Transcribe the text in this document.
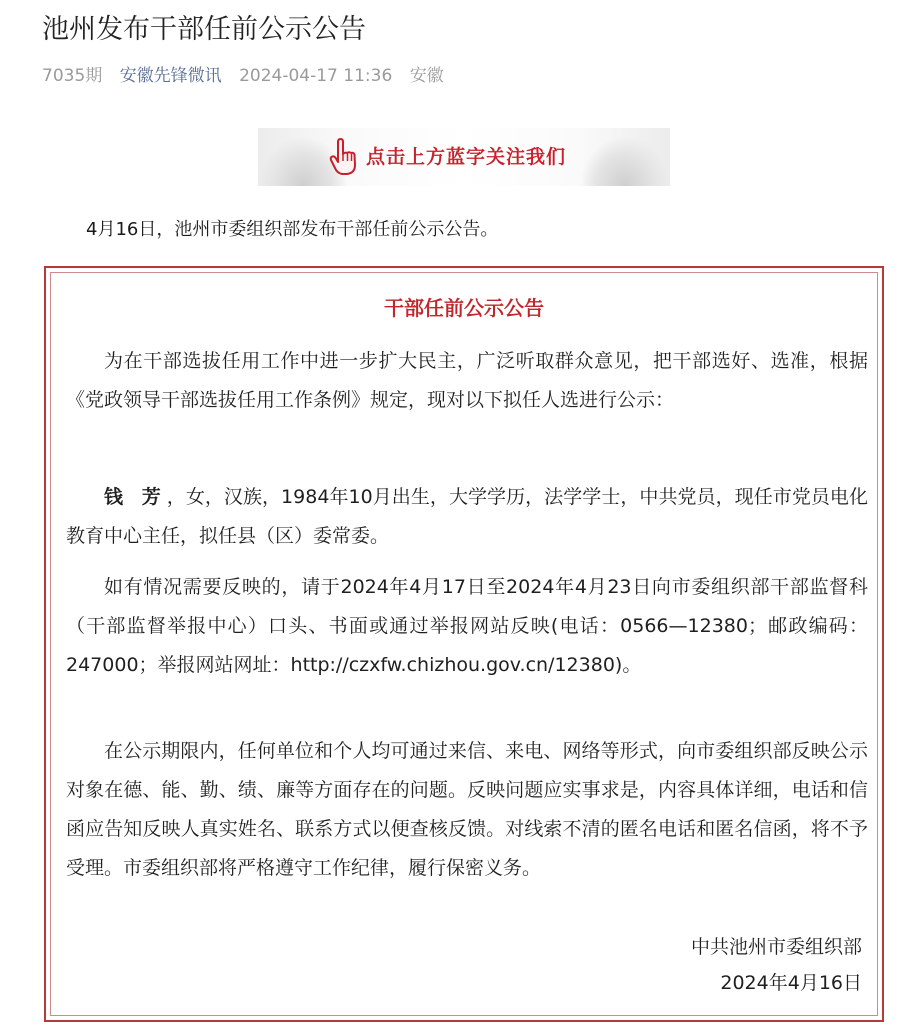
池州发布干部任前公示公告
7035期 安徽先锋微讯 2024-04-17 11:36 安徽
点击上方蓝字关注我们
4月16日，池州市委组织部发布干部任前公示公告。
干部任前公示公告
为在干部选拔任用工作中进一步扩大民主，广泛听取群众意见，把干部选好、选准，根据《党政领导干部选拔任用工作条例》规定，现对以下拟任人选进行公示：
钱 芳，女，汉族，1984年10月出生，大学学历，法学学士，中共党员，现任市党员电化教育中心主任，拟任县（区）委常委。
如有情况需要反映的，请于2024年4月17日至2024年4月23日向市委组织部干部监督科（干部监督举报中心）口头、书面或通过举报网站反映(电话：0566—12380；邮政编码：247000；举报网站网址：http://czxfw.chizhou.gov.cn/12380)。
在公示期限内，任何单位和个人均可通过来信、来电、网络等形式，向市委组织部反映公示对象在德、能、勤、绩、廉等方面存在的问题。反映问题应实事求是，内容具体详细，电话和信函应告知反映人真实姓名、联系方式以便查核反馈。对线索不清的匿名电话和匿名信函，将不予受理。市委组织部将严格遵守工作纪律，履行保密义务。
中共池州市委组织部
2024年4月16日
